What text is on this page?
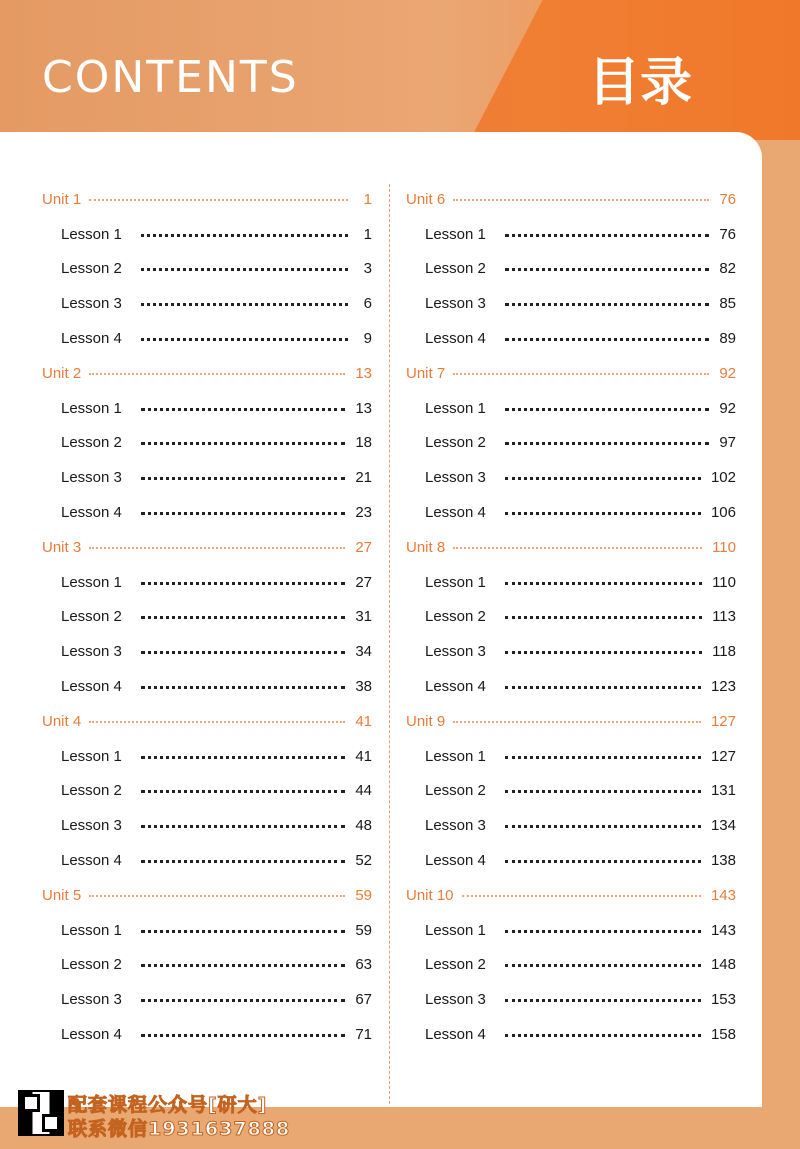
CONTENTS	目录
Unit 1	1
Lesson 1	1
Lesson 2	3
Lesson 3	6
Lesson 4	9
Unit 2	13
Lesson 1	13
Lesson 2	18
Lesson 3	21
Lesson 4	23
Unit 3	27
Lesson 1	27
Lesson 2	31
Lesson 3	34
Lesson 4	38
Unit 4	41
Lesson 1	41
Lesson 2	44
Lesson 3	48
Lesson 4	52
Unit 5	59
Lesson 1	59
Lesson 2	63
Lesson 3	67
Lesson 4	71
Unit 6	76
Lesson 1	76
Lesson 2	82
Lesson 3	85
Lesson 4	89
Unit 7	92
Lesson 1	92
Lesson 2	97
Lesson 3	102
Lesson 4	106
Unit 8	110
Lesson 1	110
Lesson 2	113
Lesson 3	118
Lesson 4	123
Unit 9	127
Lesson 1	127
Lesson 2	131
Lesson 3	134
Lesson 4	138
Unit 10	143
Lesson 1	143
Lesson 2	148
Lesson 3	153
Lesson 4	158
配套课程公众号[研大]
联系微信1931637888
